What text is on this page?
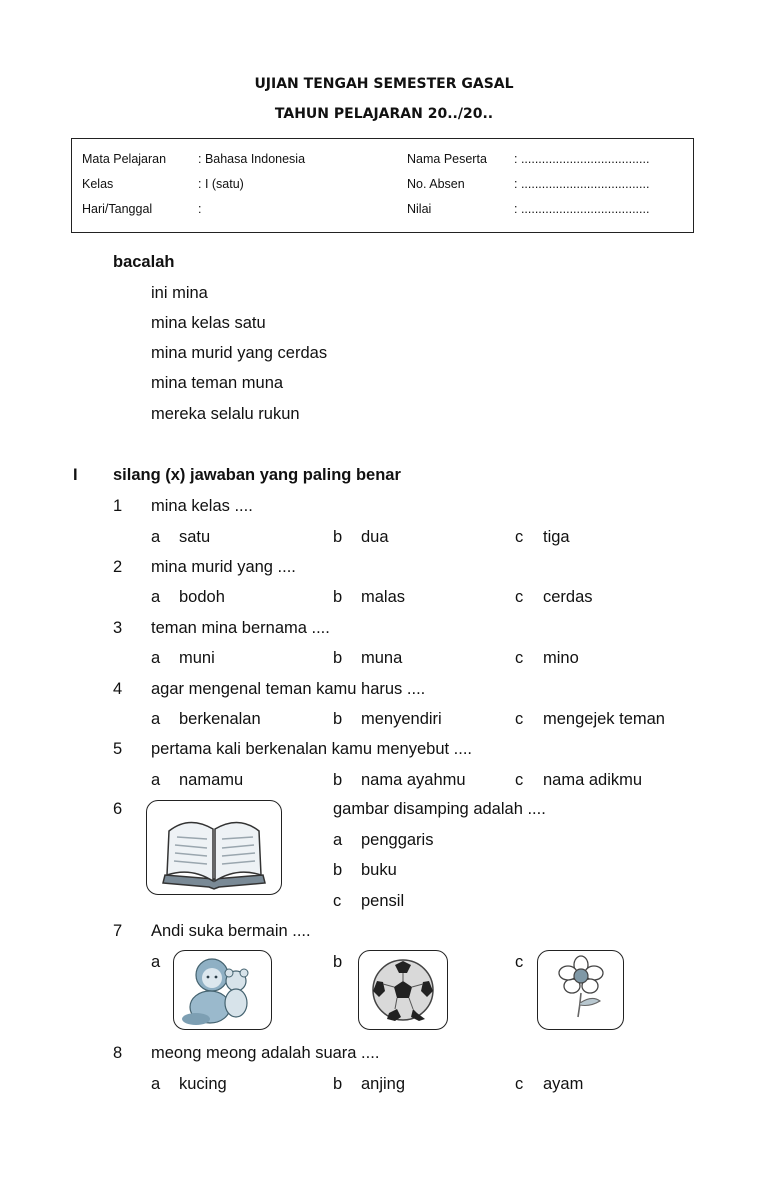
UJIAN TENGAH SEMESTER GASAL
TAHUN PELAJARAN 20../20..
Mata Pelajaran	: Bahasa Indonesia
Kelas	: I (satu)
Hari/Tanggal	:
Nama Peserta : .....................................
No. Absen	: .....................................
Nilai	: .....................................
bacalah
ini mina
mina kelas satu
mina murid yang cerdas
mina teman muna
mereka selalu rukun
I silang (x) jawaban yang paling benar
1 mina kelas ....
a satu	b dua	c tiga
2 mina murid yang ....
a bodoh	b malas	c cerdas
3 teman mina bernama ....
a muni	b muna	c mino
4 agar mengenal teman kamu harus ....
a berkenalan	b menyendiri	c mengejek teman
5 pertama kali berkenalan kamu menyebut ....
a namamu	b nama ayahmu	c nama adikmu
6	gambar disamping adalah ....
a penggaris
b buku
c pensil
7 Andi suka bermain ....
a	b	c
8 meong meong adalah suara ....
a kucing	b anjing	c ayam
